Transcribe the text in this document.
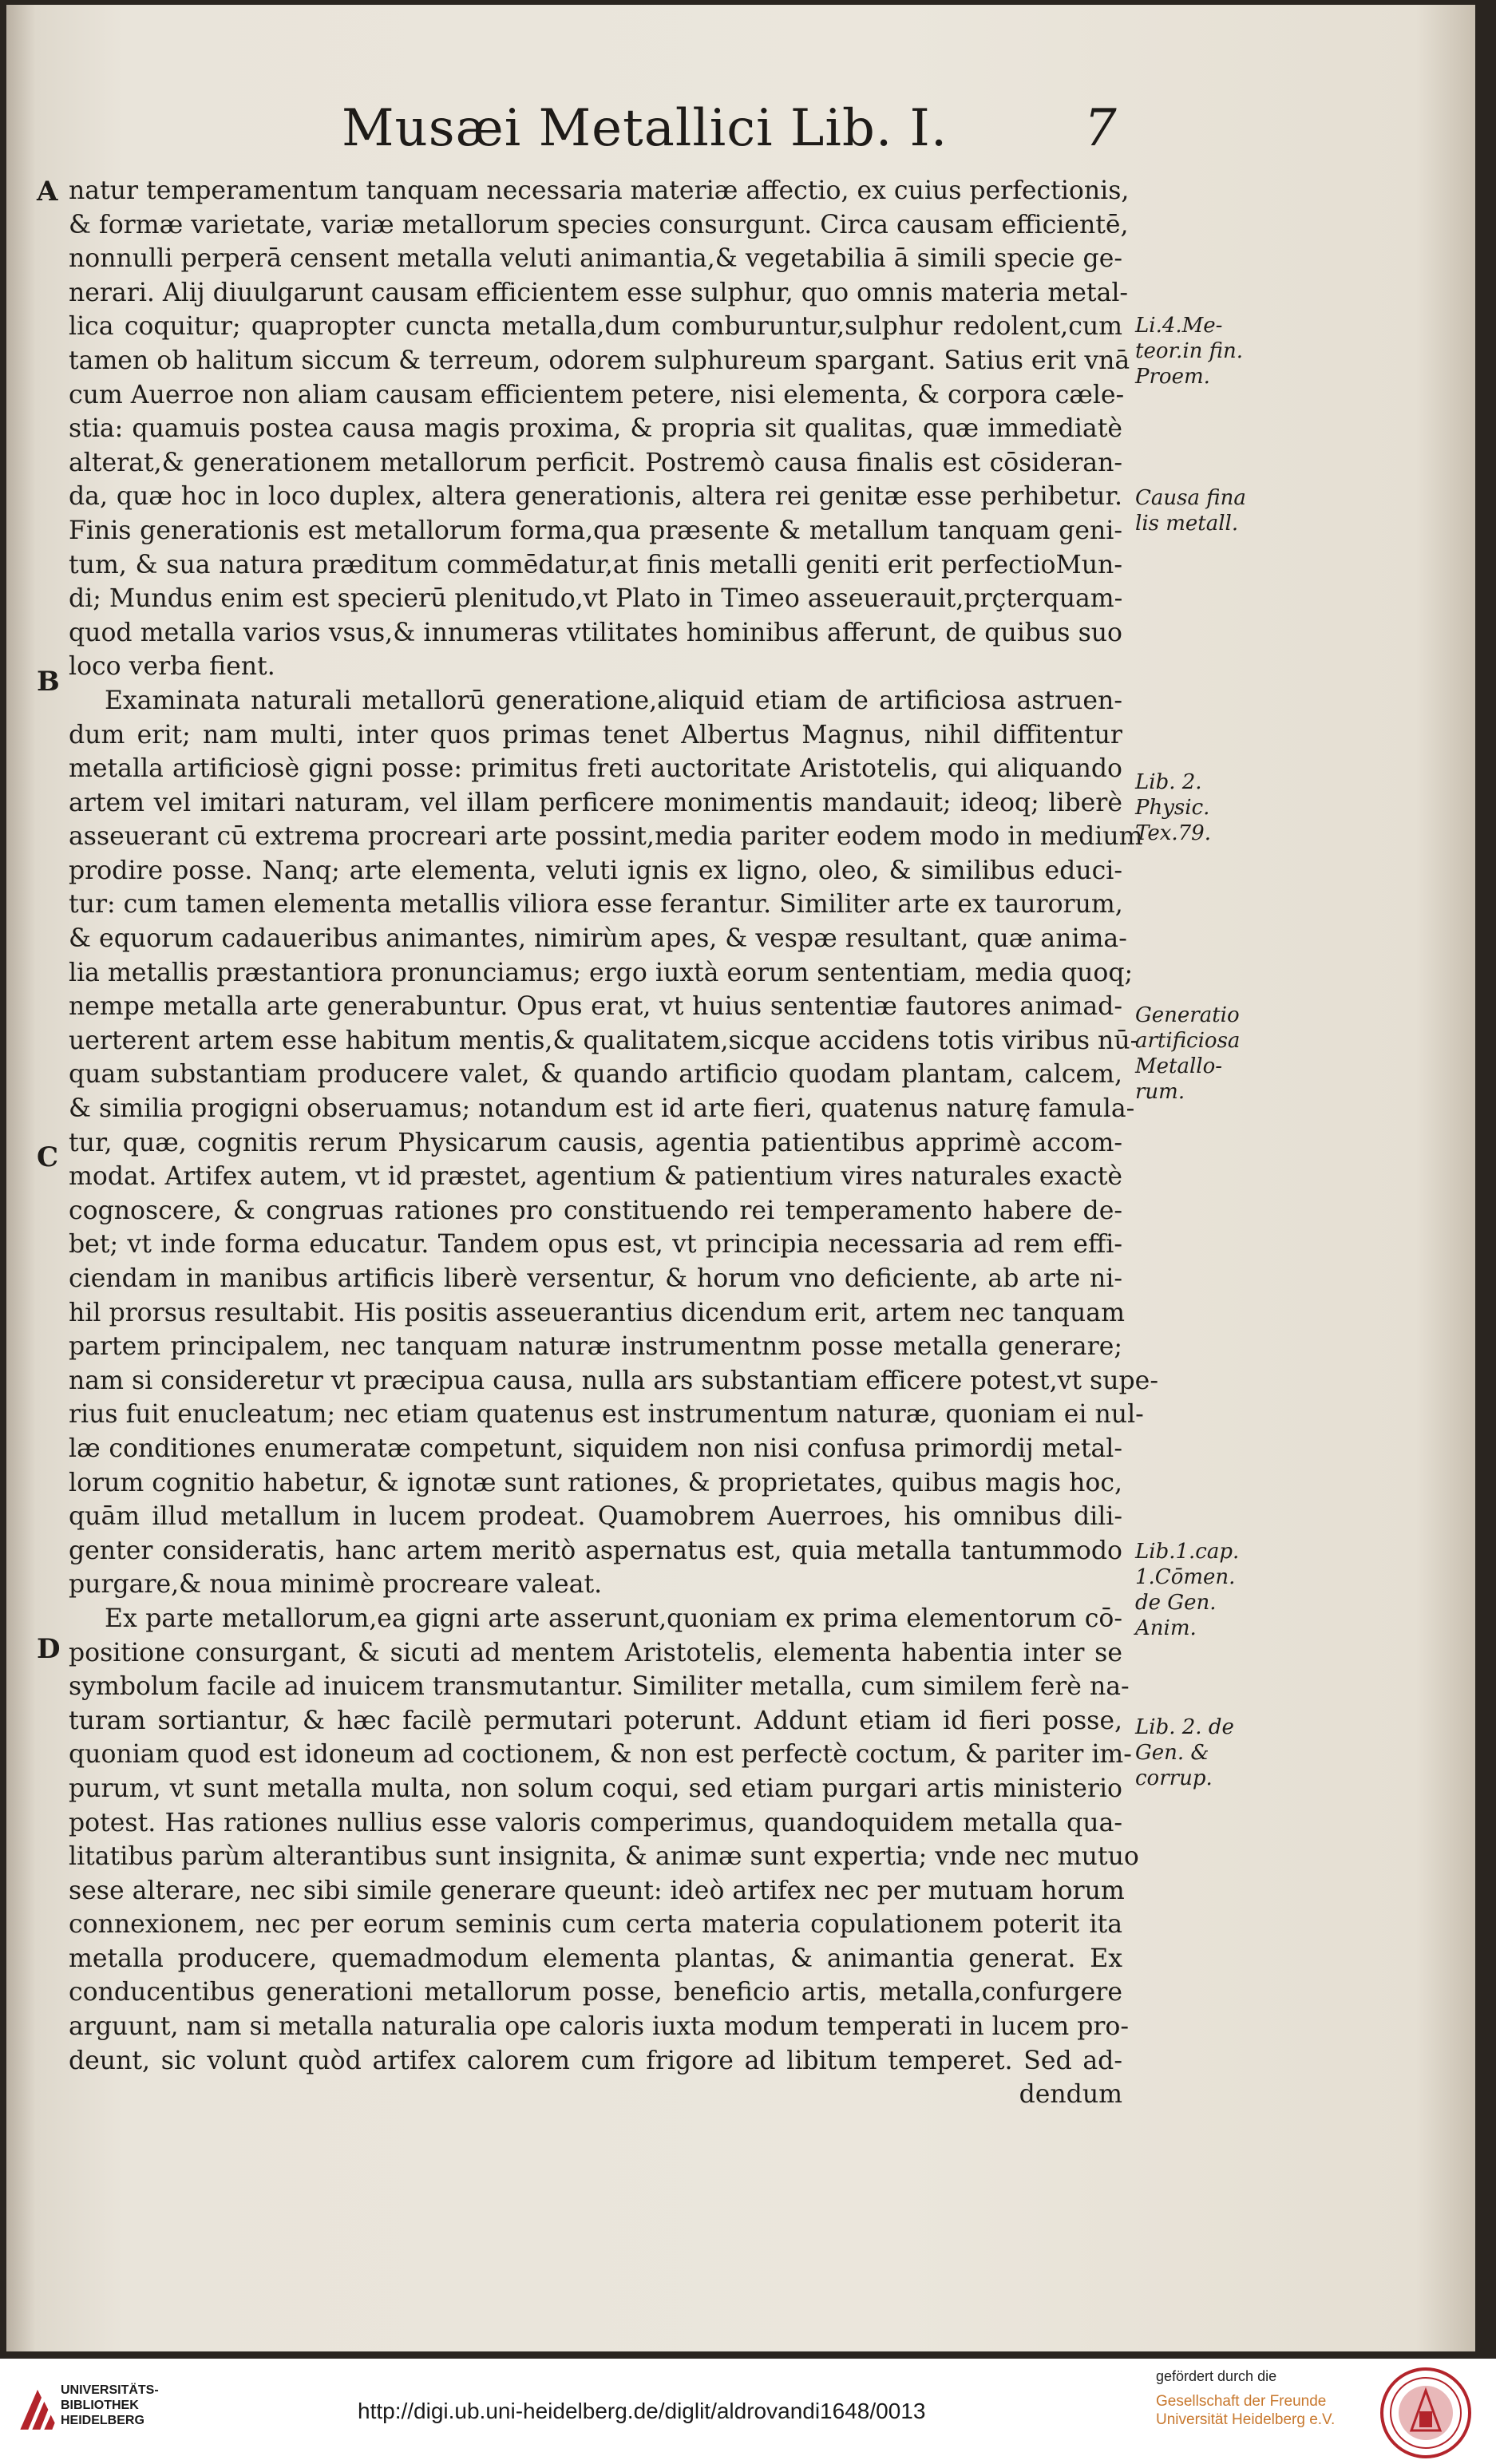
Musæi Metallici Lib. I.	7
A
B
C
D
natur temperamentum tanquam necessaria materiæ affectio, ex cuius perfectionis,
& formæ varietate, variæ metallorum species consurgunt. Circa causam efficientē,
nonnulli perperā censent metalla veluti animantia,& vegetabilia ā simili specie ge-
nerari. Alij diuulgarunt causam efficientem esse sulphur, quo omnis materia metal-
lica coquitur; quapropter cuncta metalla,dum comburuntur,sulphur redolent,cum
tamen ob halitum siccum & terreum, odorem sulphureum spargant. Satius erit vnā
cum Auerroe non aliam causam efficientem petere, nisi elementa, & corpora cæle-
stia: quamuis postea causa magis proxima, & propria sit qualitas, quæ immediatè
alterat,& generationem metallorum perficit. Postremò causa finalis est cōsideran-
da, quæ hoc in loco duplex, altera generationis, altera rei genitæ esse perhibetur.
Finis generationis est metallorum forma,qua præsente & metallum tanquam geni-
tum, & sua natura præditum commēdatur,at finis metalli geniti erit perfectioMun-
di; Mundus enim est specierū plenitudo,vt Plato in Timeo asseuerauit,prçterquam-
quod metalla varios vsus,& innumeras vtilitates hominibus afferunt, de quibus suo
loco verba fient.
Examinata naturali metallorū generatione,aliquid etiam de artificiosa astruen-
dum erit; nam multi, inter quos primas tenet Albertus Magnus, nihil diffitentur
metalla artificiosè gigni posse: primitus freti auctoritate Aristotelis, qui aliquando
artem vel imitari naturam, vel illam perficere monimentis mandauit; ideoq; liberè
asseuerant cū extrema procreari arte possint,media pariter eodem modo in medium
prodire posse. Nanq; arte elementa, veluti ignis ex ligno, oleo, & similibus educi-
tur: cum tamen elementa metallis viliora esse ferantur. Similiter arte ex taurorum,
& equorum cadaueribus animantes, nimirùm apes, & vespæ resultant, quæ anima-
lia metallis præstantiora pronunciamus; ergo iuxtà eorum sententiam, media quoq;
nempe metalla arte generabuntur. Opus erat, vt huius sententiæ fautores animad-
uerterent artem esse habitum mentis,& qualitatem,sicque accidens totis viribus nū-
quam substantiam producere valet, & quando artificio quodam plantam, calcem,
& similia progigni obseruamus; notandum est id arte fieri, quatenus naturę famula-
tur, quæ, cognitis rerum Physicarum causis, agentia patientibus apprimè accom-
modat. Artifex autem, vt id præstet, agentium & patientium vires naturales exactè
cognoscere, & congruas rationes pro constituendo rei temperamento habere de-
bet; vt inde forma educatur. Tandem opus est, vt principia necessaria ad rem effi-
ciendam in manibus artificis liberè versentur, & horum vno deficiente, ab arte ni-
hil prorsus resultabit. His positis asseuerantius dicendum erit, artem nec tanquam
partem principalem, nec tanquam naturæ instrumentnm posse metalla generare;
nam si consideretur vt præcipua causa, nulla ars substantiam efficere potest,vt supe-
rius fuit enucleatum; nec etiam quatenus est instrumentum naturæ, quoniam ei nul-
læ conditiones enumeratæ competunt, siquidem non nisi confusa primordij metal-
lorum cognitio habetur, & ignotæ sunt rationes, & proprietates, quibus magis hoc,
quām illud metallum in lucem prodeat. Quamobrem Auerroes, his omnibus dili-
genter consideratis, hanc artem meritò aspernatus est, quia metalla tantummodo
purgare,& noua minimè procreare valeat.
Ex parte metallorum,ea gigni arte asserunt,quoniam ex prima elementorum cō-
positione consurgant, & sicuti ad mentem Aristotelis, elementa habentia inter se
symbolum facile ad inuicem transmutantur. Similiter metalla, cum similem ferè na-
turam sortiantur, & hæc facilè permutari poterunt. Addunt etiam id fieri posse,
quoniam quod est idoneum ad coctionem, & non est perfectè coctum, & pariter im-
purum, vt sunt metalla multa, non solum coqui, sed etiam purgari artis ministerio
potest. Has rationes nullius esse valoris comperimus, quandoquidem metalla qua-
litatibus parùm alterantibus sunt insignita, & animæ sunt expertia; vnde nec mutuo
sese alterare, nec sibi simile generare queunt: ideò artifex nec per mutuam horum
connexionem, nec per eorum seminis cum certa materia copulationem poterit ita
metalla producere, quemadmodum elementa plantas, & animantia generat. Ex
conducentibus generationi metallorum posse, beneficio artis, metalla,confurgere
arguunt, nam si metalla naturalia ope caloris iuxta modum temperati in lucem pro-
deunt, sic volunt quòd artifex calorem cum frigore ad libitum temperet. Sed ad-
dendum
Li.4.Me-
teor.in fin.
Proem.
Causa fina
lis metall.
Lib. 2.
Physic.
Tex.79.
Generatio
artificiosa
Metallo-
rum.
Lib.1.cap.
1.Cōmen.
de Gen.
Anim.
Lib. 2. de
Gen. &
corrup.
UNIVERSITÄTS-
BIBLIOTHEK
HEIDELBERG	http://digi.ub.uni-heidelberg.de/diglit/aldrovandi1648/0013
gefördert durch die
Gesellschaft der Freunde
Universität Heidelberg e.V.
